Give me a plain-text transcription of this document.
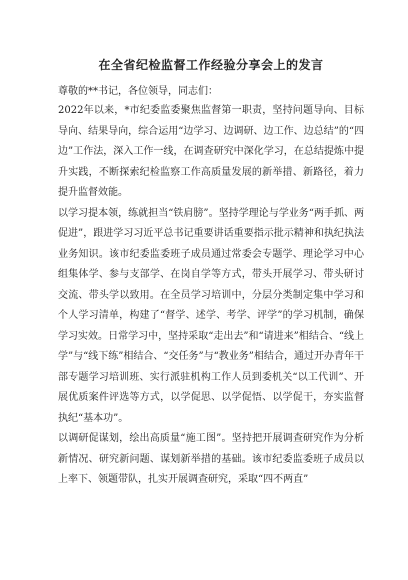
在全省纪检监督工作经验分享会上的发言

尊敬的**书记，各位领导，同志们：

2022年以来，*市纪委监委聚焦监督第一职责，坚持问题导向、目标导向、结果导向，综合运用“边学习、边调研、边工作、边总结”的“四边”工作法，深入工作一线，在调查研究中深化学习，在总结提炼中提升实践，不断探索纪检监察工作高质量发展的新举措、新路径，着力提升监督效能。

以学习提本领，练就担当“铁肩膀”。坚持学理论与学业务“两手抓、两促进”，跟进学习习近平总书记重要讲话重要指示批示精神和执纪执法业务知识。该市纪委监委班子成员通过常委会专题学、理论学习中心组集体学、参与支部学、在岗自学等方式，带头开展学习、带头研讨交流、带头学以致用。在全员学习培训中，分层分类制定集中学习和个人学习清单，构建了“督学、述学、考学、评学”的学习机制，确保学习实效。日常学习中，坚持采取“走出去”和“请进来”相结合、“线上学”与“线下练”相结合、“交任务”与“教业务”相结合，通过开办青年干部专题学习培训班、实行派驻机构工作人员到委机关“以工代训”、开展优质案件评选等方式，以学促思、以学促悟、以学促干，夯实监督执纪“基本功”。

以调研促谋划，绘出高质量“施工图”。坚持把开展调查研究作为分析新情况、研究新问题、谋划新举措的基础。该市纪委监委班子成员以上率下、领题带队，扎实开展调查研究，采取“四不两直”
